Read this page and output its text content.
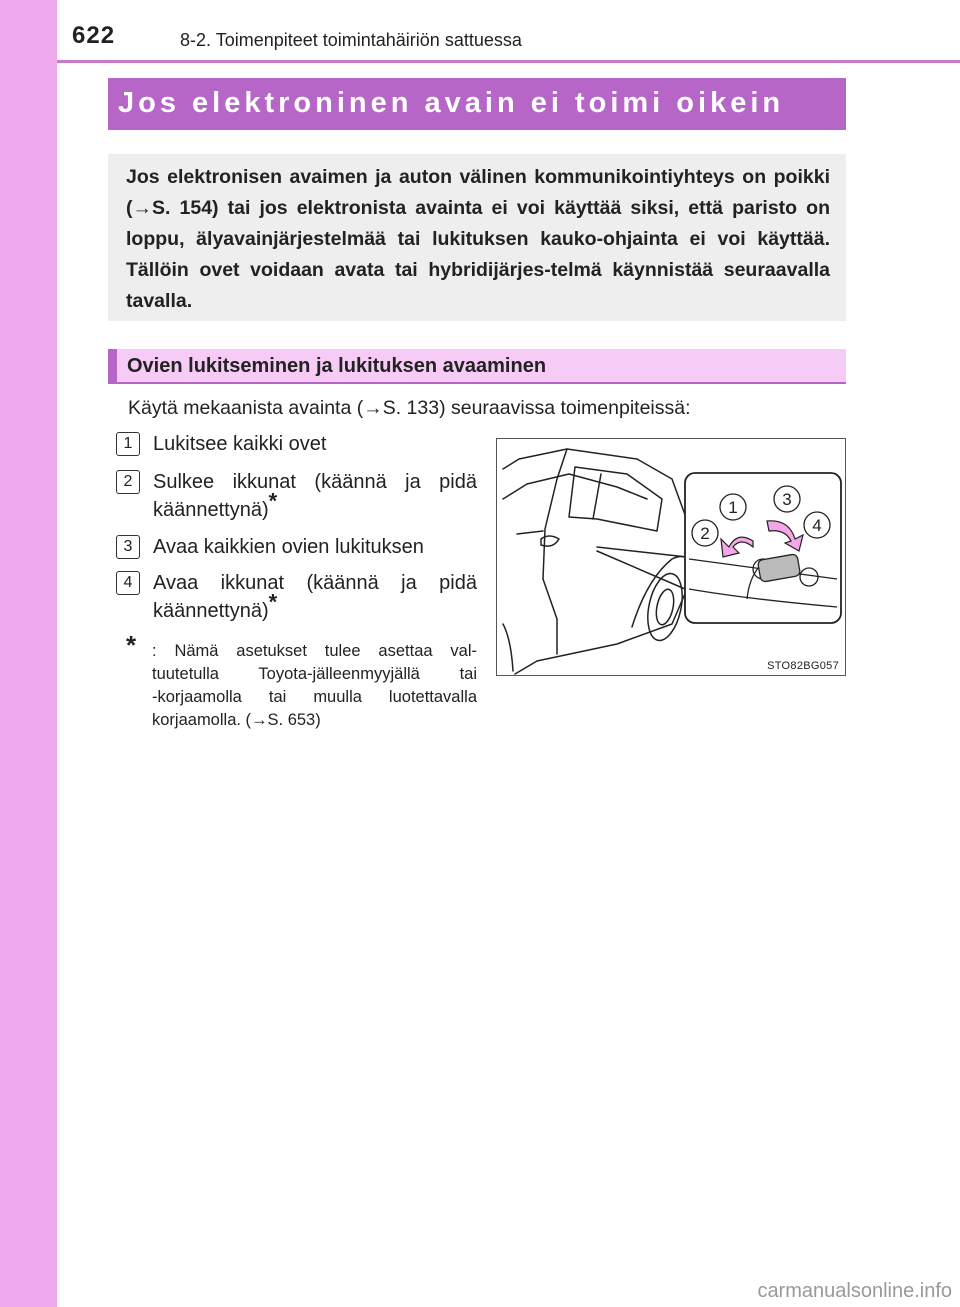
622	8-2. Toimenpiteet toimintahäiriön sattuessa
Jos elektroninen avain ei toimi oikein

Jos elektronisen avaimen ja auton välinen kommunikointiyhteys on poikki (→S. 154) tai jos elektronista avainta ei voi käyttää siksi, että paristo on loppu, älyavainjärjestelmää tai lukituksen kauko-ohjainta ei voi käyttää. Tällöin ovet voidaan avata tai hybridijärjes-telmä käynnistää seuraavalla tavalla.

Ovien lukitseminen ja lukituksen avaaminen
Käytä mekaanista avainta (→S. 133) seuraavissa toimenpiteissä:
1	Lukitsee kaikki ovet
2	Sulkee ikkunat (käännä ja pidä
käännettynä)*
3	Avaa kaikkien ovien lukituksen
4	Avaa ikkunat (käännä ja pidä
käännettynä)*
* : Nämä asetukset tulee asettaa val-
tuutetulla Toyota-jälleenmyyjällä tai
-korjaamolla tai muulla luotettavalla
korjaamolla. (→S. 653)
1	3
2	4
STO82BG057
carmanualsonline.info
